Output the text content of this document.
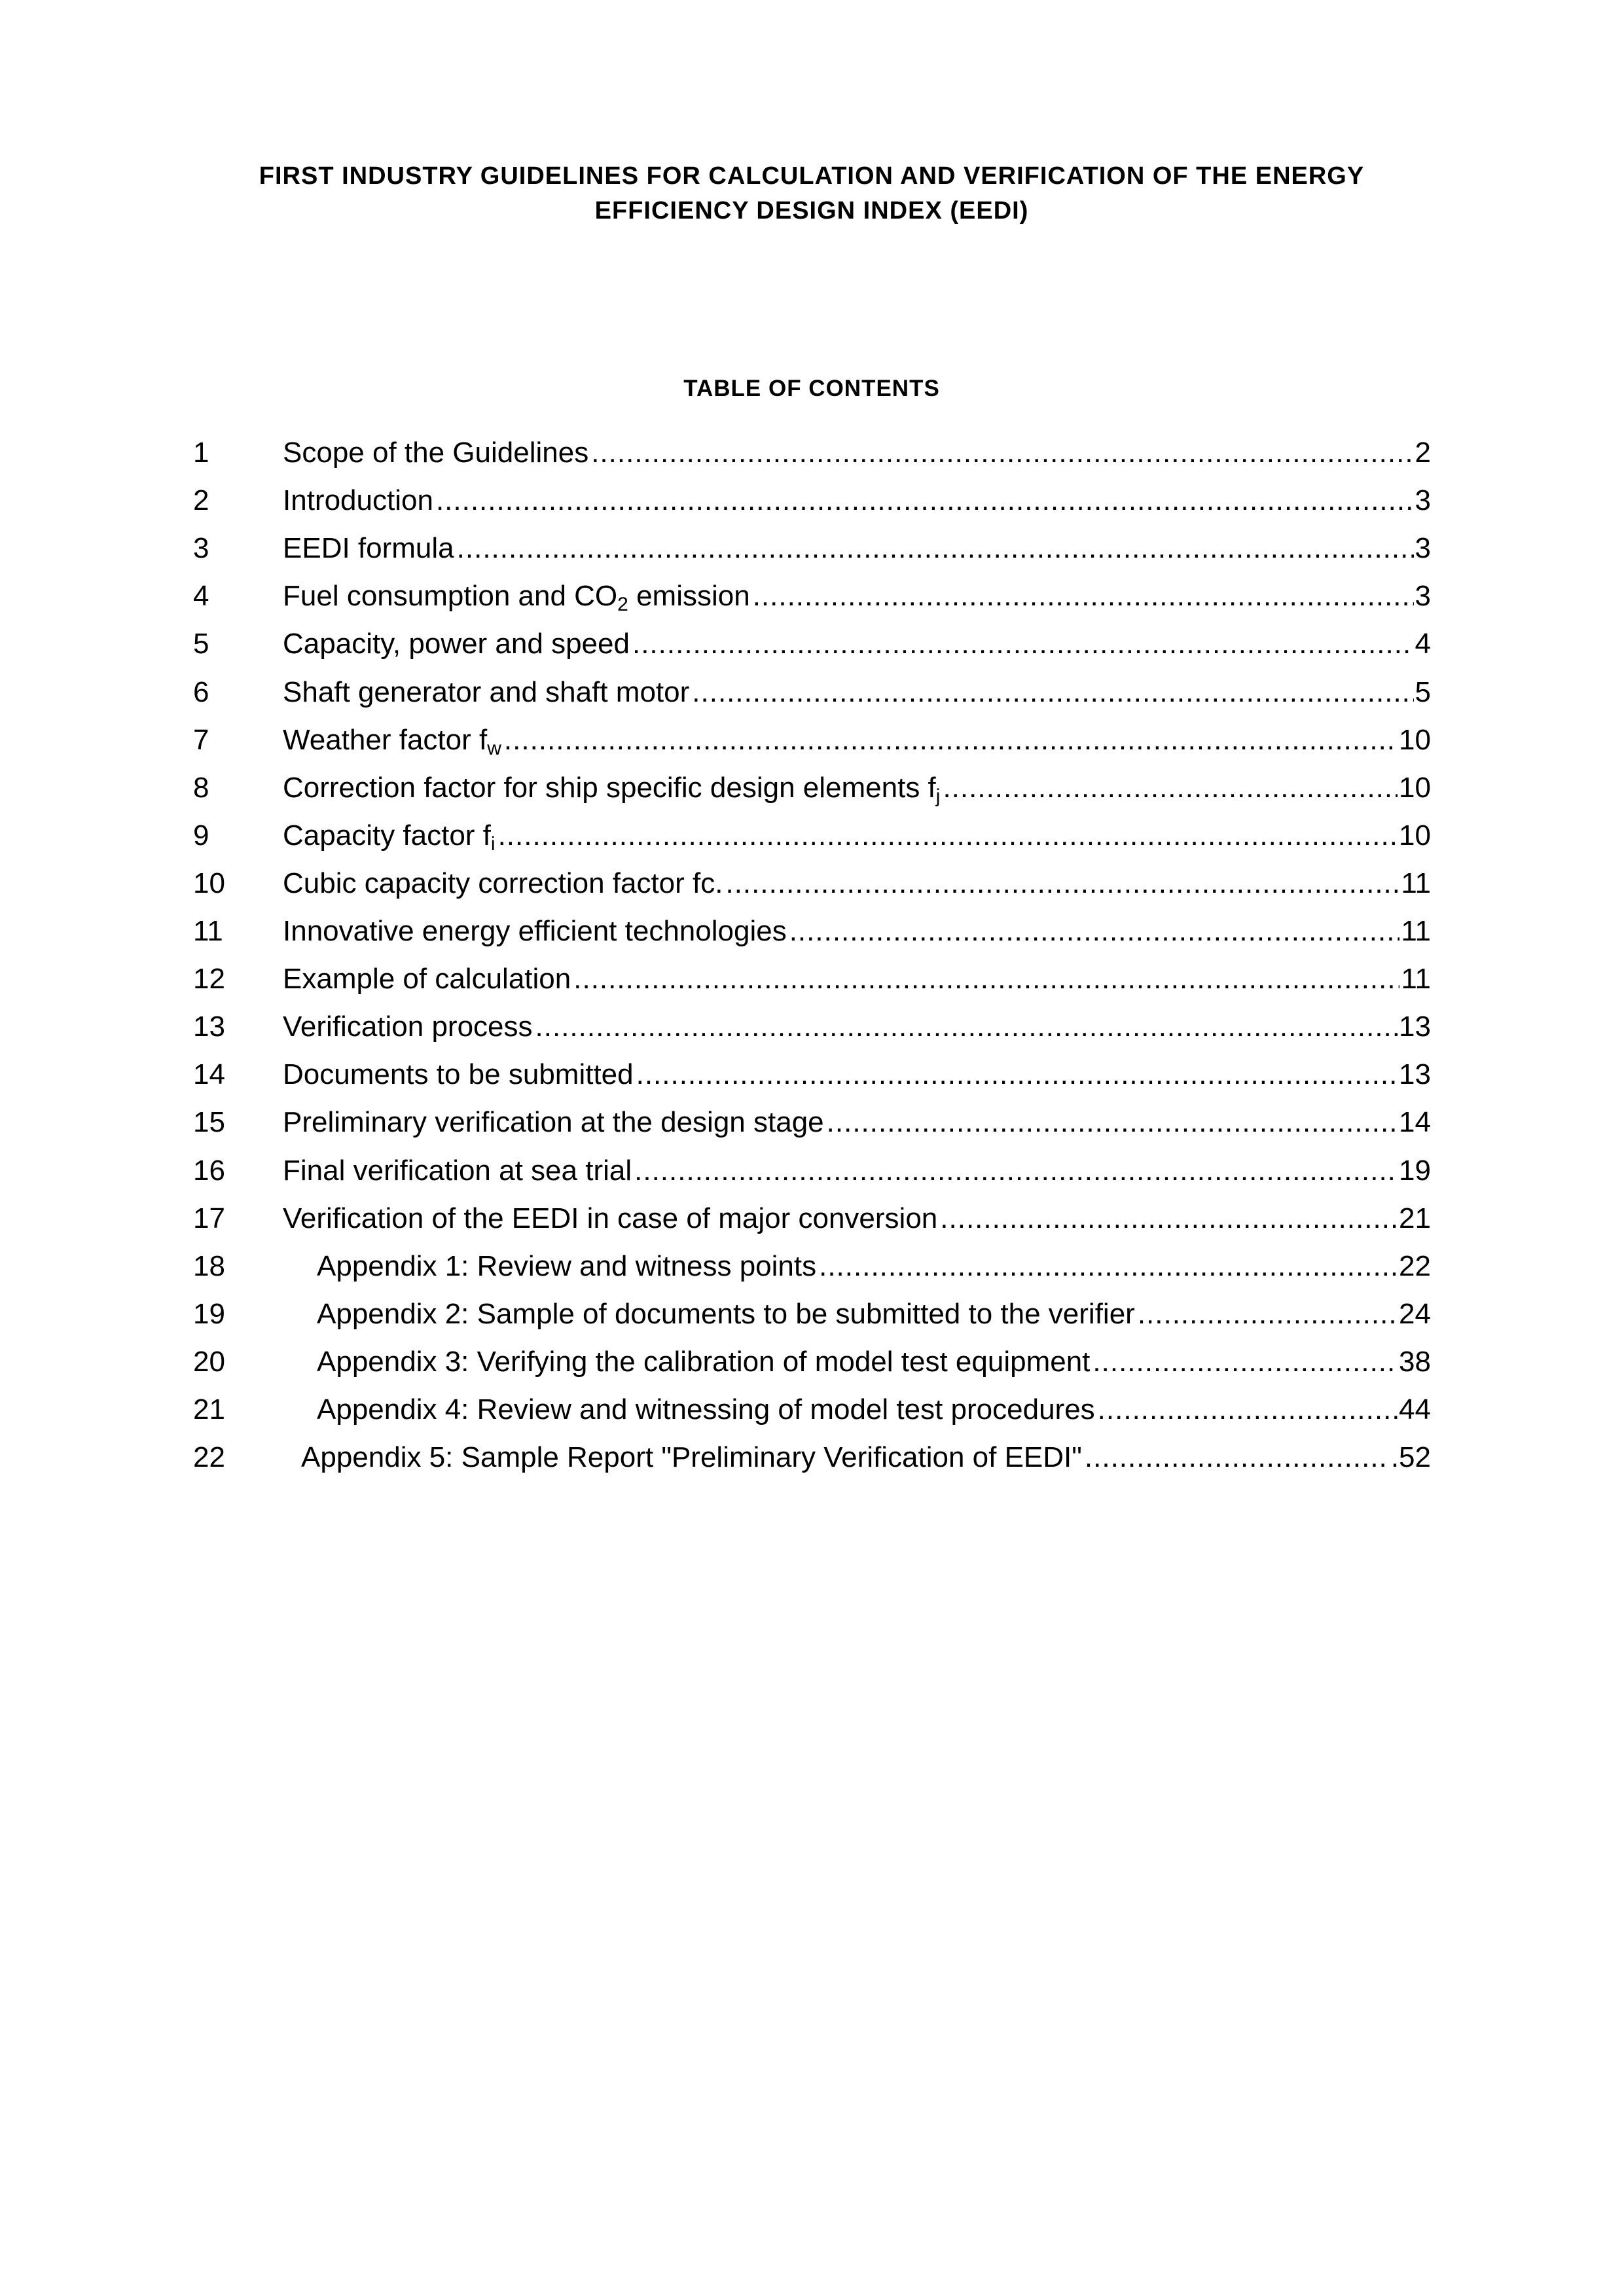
FIRST INDUSTRY GUIDELINES FOR CALCULATION AND VERIFICATION OF THE ENERGY
EFFICIENCY DESIGN INDEX (EEDI)
TABLE OF CONTENTS
1	Scope of the Guidelines .....	2
2	Introduction .....	3
3	EEDI formula .....	3
4	Fuel consumption and $CO_2$ emission .....	3
5	Capacity, power and speed .....	4
6	Shaft generator and shaft motor .....	5
7	Weather factor $f_w$ .....	10
8	Correction factor for ship specific design elements $f_j$ .....	10
9	Capacity factor $f_i$ .....	10
10 Cubic capacity correction factor fc. .....	11
11 Innovative energy efficient technologies .....	11
12 Example of calculation .....	11
13 Verification process .....	13
14 Documents to be submitted .....	13
15 Preliminary verification at the design stage .....	14
16 Final verification at sea trial .....	19
17 Verification of the EEDI in case of major conversion .....	21
18	Appendix 1: Review and witness points .....	22
19	Appendix 2: Sample of documents to be submitted to the verifier .....	24
20	Appendix 3: Verifying the calibration of model test equipment .....	38
21	Appendix 4: Review and witnessing of model test procedures .....	44
22	Appendix 5: Sample Report "Preliminary Verification of EEDI" .....	.52
